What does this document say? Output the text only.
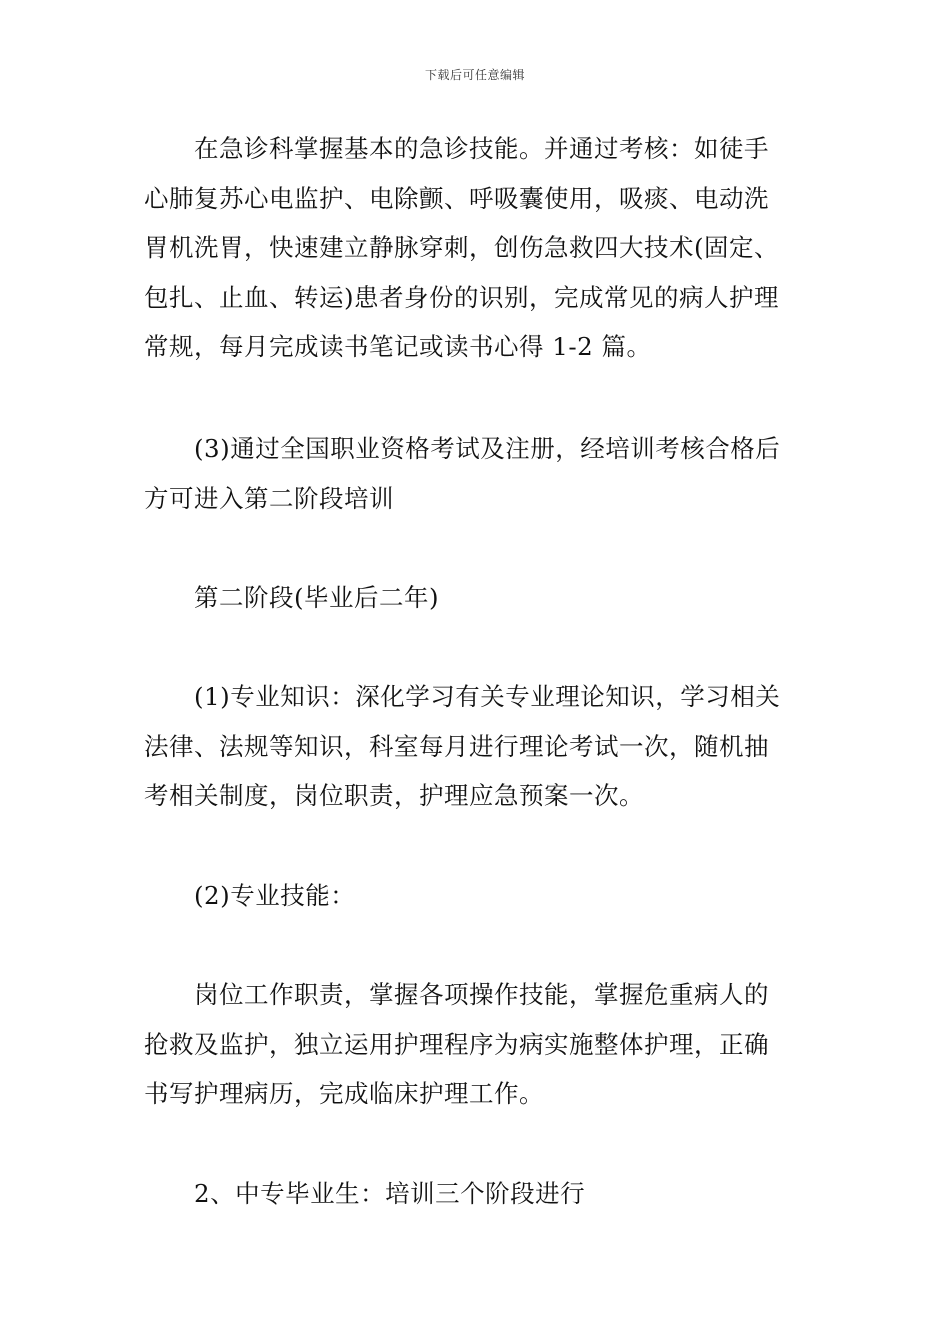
下载后可任意编辑
　　在急诊科掌握基本的急诊技能。并通过考核：如徒手
心肺复苏心电监护、电除颤、呼吸囊使用，吸痰、电动洗
胃机洗胃，快速建立静脉穿刺，创伤急救四大技术(固定、
包扎、止血、转运)患者身份的识别，完成常见的病人护理
常规，每月完成读书笔记或读书心得 1-2 篇。
　　(3)通过全国职业资格考试及注册，经培训考核合格后
方可进入第二阶段培训
　　第二阶段(毕业后二年)
　　(1)专业知识：深化学习有关专业理论知识，学习相关
法律、法规等知识，科室每月进行理论考试一次，随机抽
考相关制度，岗位职责，护理应急预案一次。
　　(2)专业技能：
　　岗位工作职责，掌握各项操作技能，掌握危重病人的
抢救及监护，独立运用护理程序为病实施整体护理，正确
书写护理病历，完成临床护理工作。
　　2、中专毕业生：培训三个阶段进行
